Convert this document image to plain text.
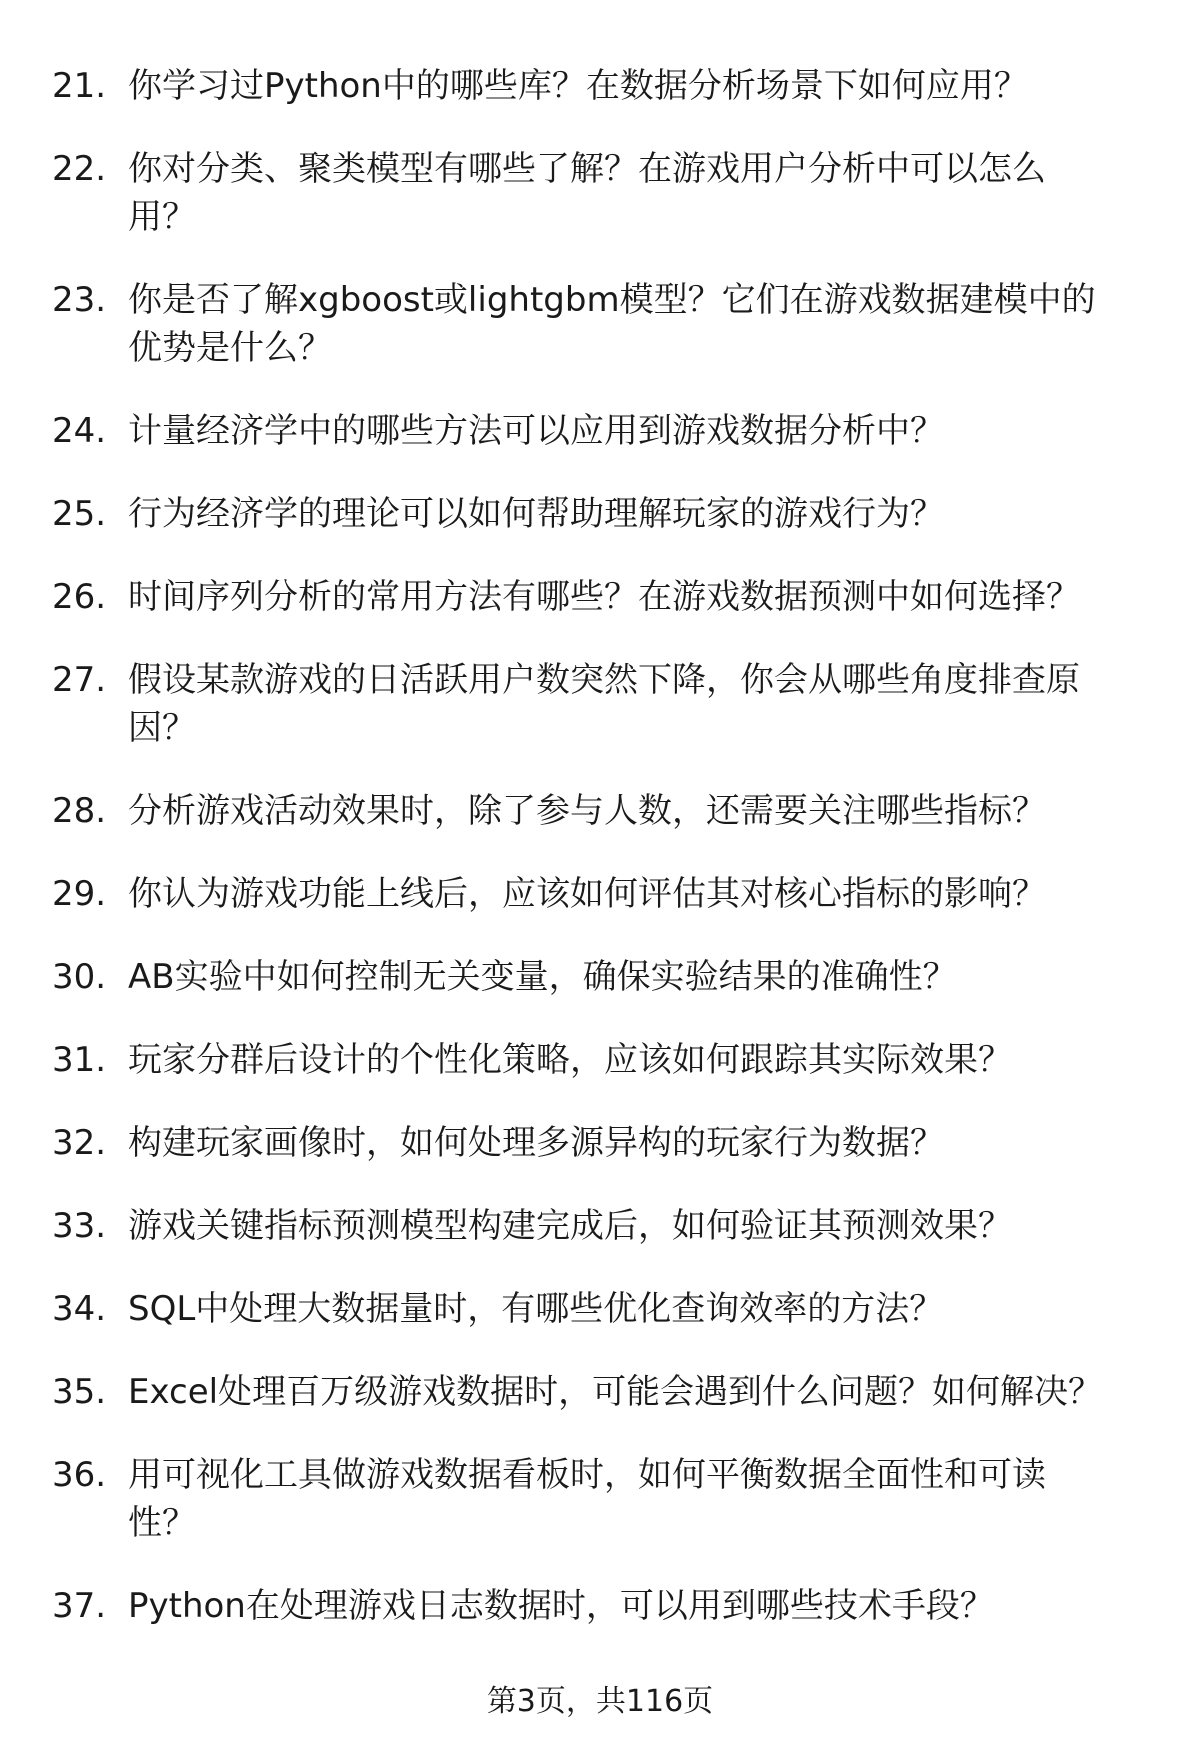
21. 你学习过Python中的哪些库？在数据分析场景下如何应用？
22. 你对分类、聚类模型有哪些了解？在游戏用户分析中可以怎么
用？
23. 你是否了解xgboost或lightgbm模型？它们在游戏数据建模中的
优势是什么？
24. 计量经济学中的哪些方法可以应用到游戏数据分析中？
25. 行为经济学的理论可以如何帮助理解玩家的游戏行为？
26. 时间序列分析的常用方法有哪些？在游戏数据预测中如何选择？
27. 假设某款游戏的日活跃用户数突然下降，你会从哪些角度排查原
因？
28. 分析游戏活动效果时，除了参与人数，还需要关注哪些指标？
29. 你认为游戏功能上线后，应该如何评估其对核心指标的影响？
30. AB实验中如何控制无关变量，确保实验结果的准确性？
31. 玩家分群后设计的个性化策略，应该如何跟踪其实际效果？
32. 构建玩家画像时，如何处理多源异构的玩家行为数据？
33. 游戏关键指标预测模型构建完成后，如何验证其预测效果？
34. SQL中处理大数据量时，有哪些优化查询效率的方法？
35. Excel处理百万级游戏数据时，可能会遇到什么问题？如何解决？
36. 用可视化工具做游戏数据看板时，如何平衡数据全面性和可读
性？
37. Python在处理游戏日志数据时，可以用到哪些技术手段？
第3页，共116页
